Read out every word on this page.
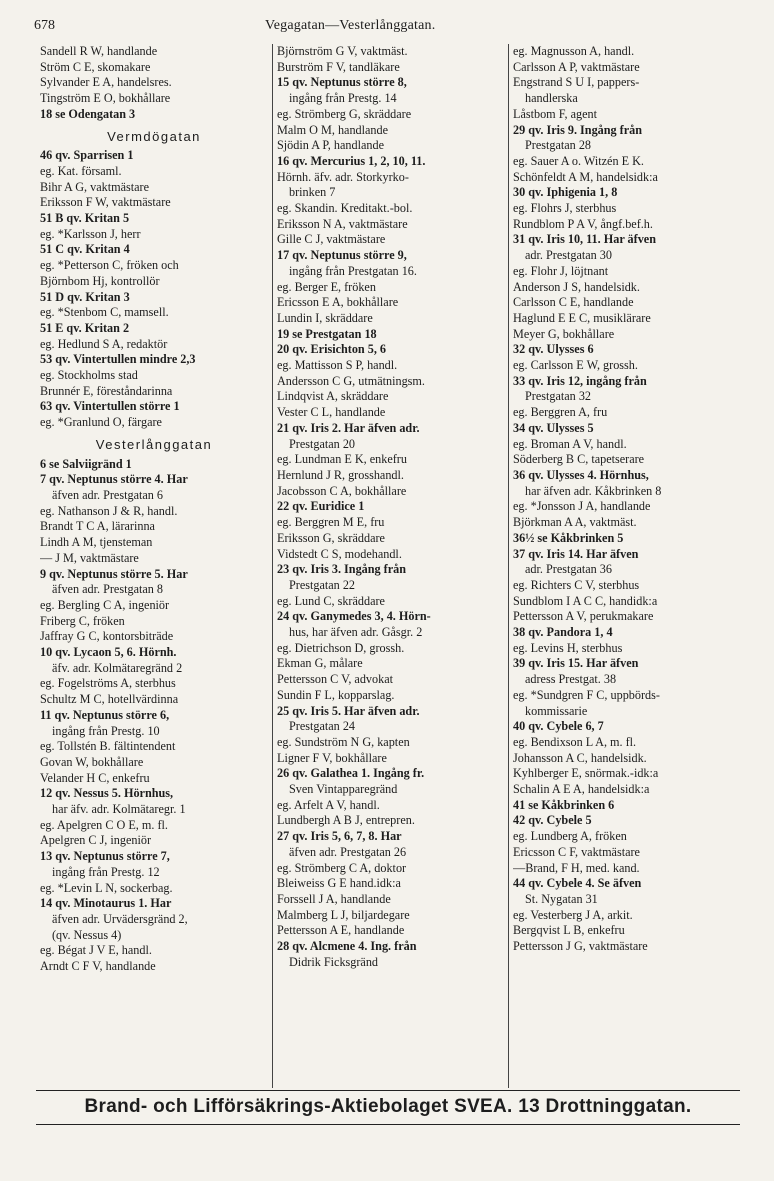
678	Vegagatan—Vesterlånggatan.
Sandell R W, handlande
Ström C E, skomakare
Sylvander E A, handelsres.
Tingström E O, bokhållare
18 se Odengatan 3
Vermdögatan
46 qv. Sparrisen 1
eg. Kat. församl.
Bihr A G, vaktmästare
Eriksson F W, vaktmästare
51 B qv. Kritan 5
eg. *Karlsson J, herr
51 C qv. Kritan 4
eg. *Petterson C, fröken och
Björnbom Hj, kontrollör
51 D qv. Kritan 3
eg. *Stenbom C, mamsell.
51 E qv. Kritan 2
eg. Hedlund S A, redaktör
53 qv. Vintertullen mindre 2,3
eg. Stockholms stad
Brunnér E, föreståndarinna
63 qv. Vintertullen större 1
eg. *Granlund O, färgare
Vesterlånggatan
6 se Salviigränd 1
7 qv. Neptunus större 4. Har
äfven adr. Prestgatan 6
eg. Nathanson J & R, handl.
Brandt T C A, lärarinna
Lindh A M, tjensteman
— J M, vaktmästare
9 qv. Neptunus större 5. Har
äfven adr. Prestgatan 8
eg. Bergling C A, ingeniör
Friberg C, fröken
Jaffray G C, kontorsbiträde
10 qv. Lycaon 5, 6. Hörnh.
äfv. adr. Kolmätaregränd 2
eg. Fogelströms A, sterbhus
Schultz M C, hotellvärdinna
11 qv. Neptunus större 6,
ingång från Prestg. 10
eg. Tollstén B. fältintendent
Govan W, bokhållare
Velander H C, enkefru
12 qv. Nessus 5. Hörnhus,
har äfv. adr. Kolmätaregr. 1
eg. Apelgren C O E, m. fl.
Apelgren C J, ingeniör
13 qv. Neptunus större 7,
ingång från Prestg. 12
eg. *Levin L N, sockerbag.
14 qv. Minotaurus 1. Har
äfven adr. Urvädersgränd 2,
(qv. Nessus 4)
eg. Bégat J V E, handl.
Arndt C F V, handlande
Björnström G V, vaktmäst.
Burström F V, tandläkare
15 qv. Neptunus större 8,
ingång från Prestg. 14
eg. Strömberg G, skräddare
Malm O M, handlande
Sjödin A P, handlande
16 qv. Mercurius 1, 2, 10, 11.
Hörnh. äfv. adr. Storkyrko-
brinken 7
eg. Skandin. Kreditakt.-bol.
Eriksson N A, vaktmästare
Gille C J, vaktmästare
17 qv. Neptunus större 9,
ingång från Prestgatan 16.
eg. Berger E, fröken
Ericsson E A, bokhållare
Lundin I, skräddare
19 se Prestgatan 18
20 qv. Erisichton 5, 6
eg. Mattisson S P, handl.
Andersson C G, utmätningsm.
Lindqvist A, skräddare
Vester C L, handlande
21 qv. Iris 2. Har äfven adr.
Prestgatan 20
eg. Lundman E K, enkefru
Hernlund J R, grosshandl.
Jacobsson C A, bokhållare
22 qv. Euridice 1
eg. Berggren M E, fru
Eriksson G, skräddare
Vidstedt C S, modehandl.
23 qv. Iris 3. Ingång från
Prestgatan 22
eg. Lund C, skräddare
24 qv. Ganymedes 3, 4. Hörn-
hus, har äfven adr. Gåsgr. 2
eg. Dietrichson D, grossh.
Ekman G, målare
Pettersson C V, advokat
Sundin F L, kopparslag.
25 qv. Iris 5. Har äfven adr.
Prestgatan 24
eg. Sundström N G, kapten
Ligner F V, bokhållare
26 qv. Galathea 1. Ingång fr.
Sven Vintapparegränd
eg. Arfelt A V, handl.
Lundbergh A B J, entrepren.
27 qv. Iris 5, 6, 7, 8. Har
äfven adr. Prestgatan 26
eg. Strömberg C A, doktor
Bleiweiss G E hand.idk:a
Forssell J A, handlande
Malmberg L J, biljardegare
Pettersson A E, handlande
28 qv. Alcmene 4. Ing. från
Didrik Ficksgränd
eg. Magnusson A, handl.
Carlsson A P, vaktmästare
Engstrand S U I, pappers-
handlerska
Låstbom F, agent
29 qv. Iris 9. Ingång från
Prestgatan 28
eg. Sauer A o. Witzén E K.
Schönfeldt A M, handelsidk:a
30 qv. Iphigenia 1, 8
eg. Flohrs J, sterbhus
Rundblom P A V, ångf.bef.h.
31 qv. Iris 10, 11. Har äfven
adr. Prestgatan 30
eg. Flohr J, löjtnant
Anderson J S, handelsidk.
Carlsson C E, handlande
Haglund E E C, musiklärare
Meyer G, bokhållare
32 qv. Ulysses 6
eg. Carlsson E W, grossh.
33 qv. Iris 12, ingång från
Prestgatan 32
eg. Berggren A, fru
34 qv. Ulysses 5
eg. Broman A V, handl.
Söderberg B C, tapetserare
36 qv. Ulysses 4. Hörnhus,
har äfven adr. Kåkbrinken 8
eg. *Jonsson J A, handlande
Björkman A A, vaktmäst.
36½ se Kåkbrinken 5
37 qv. Iris 14. Har äfven
adr. Prestgatan 36
eg. Richters C V, sterbhus
Sundblom I A C C, handidk:a
Pettersson A V, perukmakare
38 qv. Pandora 1, 4
eg. Levins H, sterbhus
39 qv. Iris 15. Har äfven
adress Prestgat. 38
eg. *Sundgren F C, uppbörds-
kommissarie
40 qv. Cybele 6, 7
eg. Bendixson L A, m. fl.
Johansson A C, handelsidk.
Kyhlberger E, snörmak.-idk:a
Schalin A E A, handelsidk:a
41 se Kåkbrinken 6
42 qv. Cybele 5
eg. Lundberg A, fröken
Ericsson C F, vaktmästare
—Brand, F H, med. kand.
44 qv. Cybele 4. Se äfven
St. Nygatan 31
eg. Vesterberg J A, arkit.
Bergqvist L B, enkefru
Pettersson J G, vaktmästare
Brand- och Lifförsäkrings-Aktiebolaget SVEA. 13 Drottninggatan.
